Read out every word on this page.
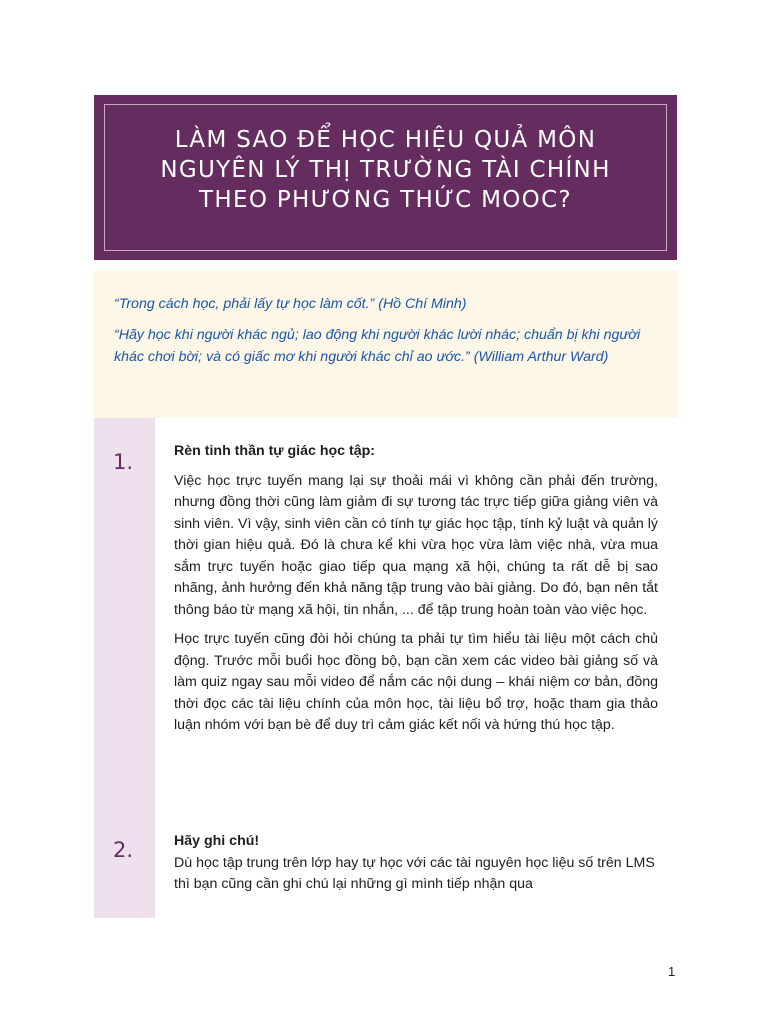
LÀM SAO ĐỂ HỌC HIỆU QUẢ MÔN
NGUYÊN LÝ THỊ TRƯỜNG TÀI CHÍNH
THEO PHƯƠNG THỨC MOOC?

“Trong cách học, phải lấy tự học làm cốt.” (Hồ Chí Minh)

“Hãy học khi người khác ngủ; lao động khi người khác lười nhác; chuẩn bị khi người khác chơi bời; và có giấc mơ khi người khác chỉ ao ước.” (William Arthur Ward)

1.	Rèn tinh thần tự giác học tập:

Việc học trực tuyến mang lại sự thoải mái vì không cần phải đến trường, nhưng đồng thời cũng làm giảm đi sự tương tác trực tiếp giữa giảng viên và sinh viên. Vì vậy, sinh viên cần có tính tự giác học tập, tính kỷ luật và quản lý thời gian hiệu quả. Đó là chưa kể khi vừa học vừa làm việc nhà, vừa mua sắm trực tuyến hoặc giao tiếp qua mạng xã hội, chúng ta rất dễ bị sao nhãng, ảnh hưởng đến khả năng tập trung vào bài giảng. Do đó, bạn nên tắt thông báo từ mạng xã hội, tin nhắn, ... để tập trung hoàn toàn vào việc học.

Học trực tuyến cũng đòi hỏi chúng ta phải tự tìm hiểu tài liệu một cách chủ động. Trước mỗi buổi học đồng bộ, bạn cần xem các video bài giảng số và làm quiz ngay sau mỗi video để nắm các nội dung – khái niệm cơ bản, đồng thời đọc các tài liệu chính của môn học, tài liệu bổ trợ, hoặc tham gia thảo luận nhóm với bạn bè để duy trì cảm giác kết nối và hứng thú học tập.

2.	Hãy ghi chú!

Dù học tập trung trên lớp hay tự học với các tài nguyên học liệu số trên LMS thì bạn cũng cần ghi chú lại những gì mình tiếp nhận qua

1
